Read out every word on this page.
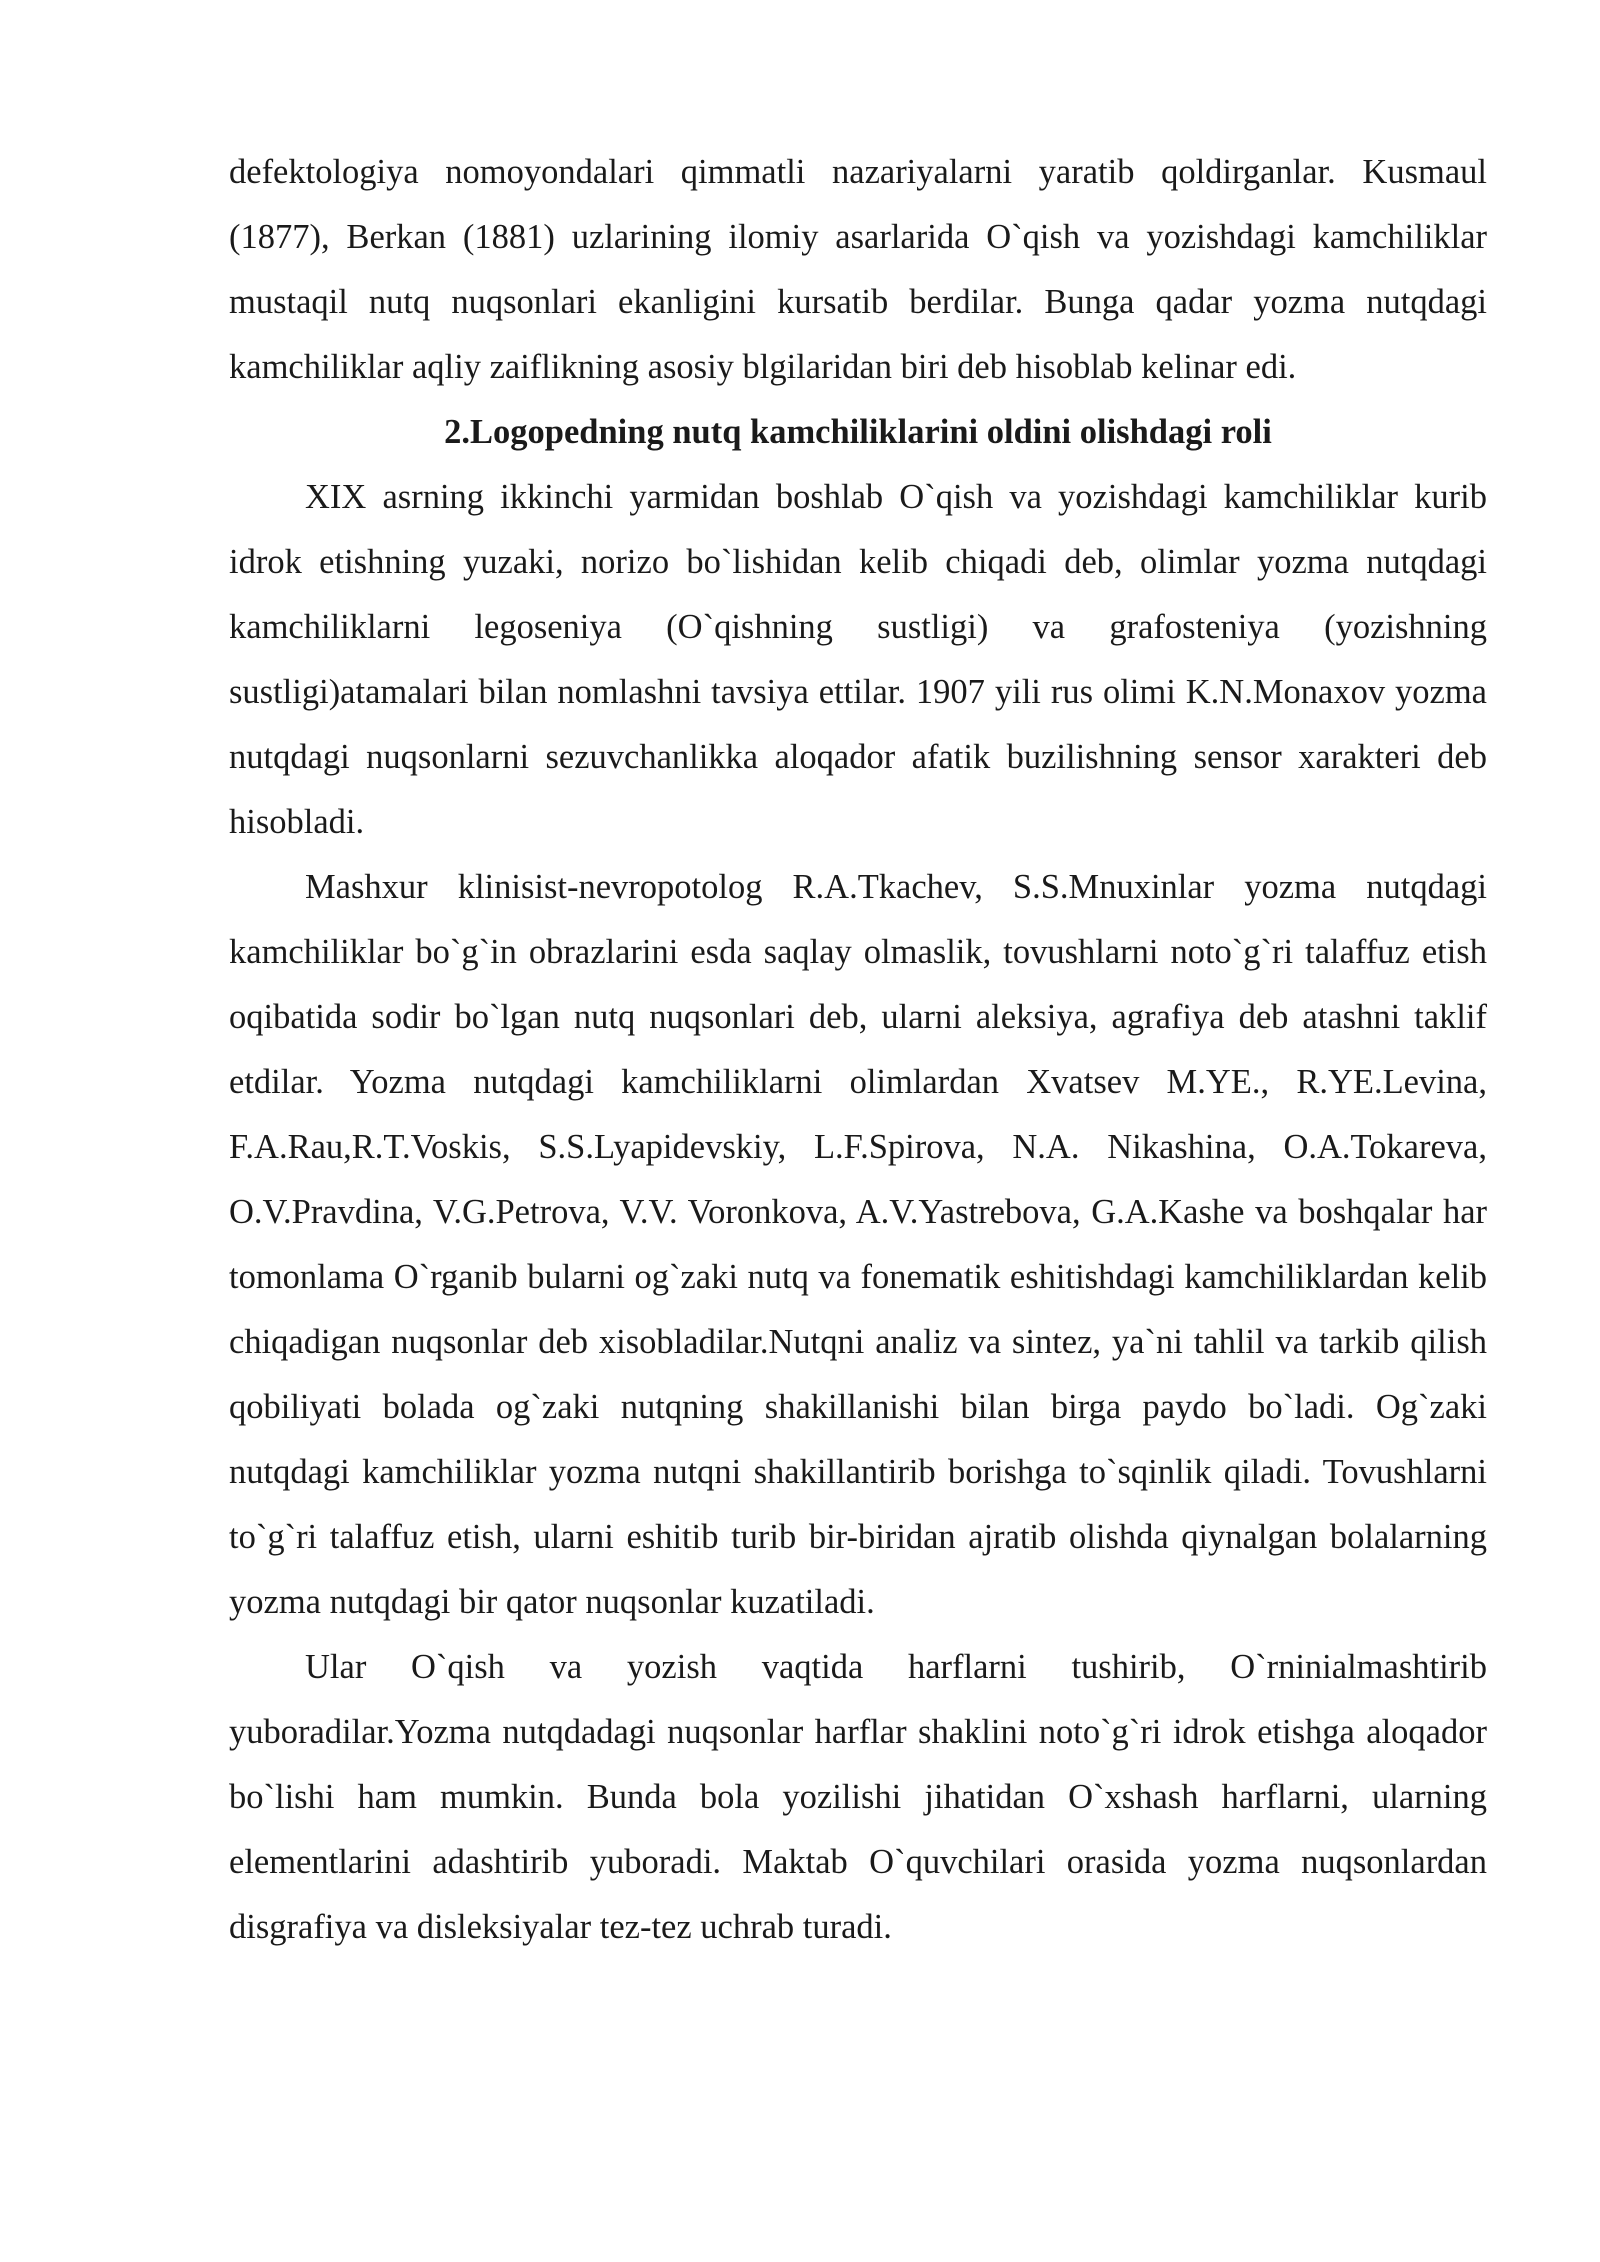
defektologiya nomoyondalari qimmatli nazariyalarni yaratib qoldirganlar. Kusmaul (1877), Berkan (1881) uzlarining ilomiy asarlarida O`qish va yozishdagi kamchiliklar mustaqil nutq nuqsonlari ekanligini kursatib berdilar. Bunga qadar yozma nutqdagi kamchiliklar aqliy zaiflikning asosiy blgilaridan biri deb hisoblab kelinar edi.

2.Logopedning nutq kamchiliklarini oldini olishdagi roli

XIX asrning ikkinchi yarmidan boshlab O`qish va yozishdagi kamchiliklar kurib idrok etishning yuzaki, norizo bo`lishidan kelib chiqadi deb, olimlar yozma nutqdagi kamchiliklarni legoseniya (O`qishning sustligi) va grafosteniya (yozishning sustligi)atamalari bilan nomlashni tavsiya ettilar. 1907 yili rus olimi K.N.Monaxov yozma nutqdagi nuqsonlarni sezuvchanlikka aloqador afatik buzilishning sensor xarakteri deb hisobladi.

Mashxur klinisist-nevropotolog R.A.Tkachev, S.S.Mnuxinlar yozma nutqdagi kamchiliklar bo`g`in obrazlarini esda saqlay olmaslik, tovushlarni noto`g`ri talaffuz etish oqibatida sodir bo`lgan nutq nuqsonlari deb, ularni aleksiya, agrafiya deb atashni taklif etdilar. Yozma nutqdagi kamchiliklarni olimlardan Xvatsev M.YE., R.YE.Levina, F.A.Rau,R.T.Voskis, S.S.Lyapidevskiy, L.F.Spirova, N.A. Nikashina, O.A.Tokareva, O.V.Pravdina, V.G.Petrova, V.V. Voronkova, A.V.Yastrebova, G.A.Kashe va boshqalar har tomonlama O`rganib bularni og`zaki nutq va fonematik eshitishdagi kamchiliklardan kelib chiqadigan nuqsonlar deb xisobladilar.Nutqni analiz va sintez, ya`ni tahlil va tarkib qilish qobiliyati bolada og`zaki nutqning shakillanishi bilan birga paydo bo`ladi. Og`zaki nutqdagi kamchiliklar yozma nutqni shakillantirib borishga to`sqinlik qiladi. Tovushlarni to`g`ri talaffuz etish, ularni eshitib turib bir-biridan ajratib olishda qiynalgan bolalarning yozma nutqdagi bir qator nuqsonlar kuzatiladi.

Ular O`qish va yozish vaqtida harflarni tushirib, O`rninialmashtirib yuboradilar.Yozma nutqdadagi nuqsonlar harflar shaklini noto`g`ri idrok etishga aloqador bo`lishi ham mumkin. Bunda bola yozilishi jihatidan O`xshash harflarni, ularning elementlarini adashtirib yuboradi. Maktab O`quvchilari orasida yozma nuqsonlardan disgrafiya va disleksiyalar tez-tez uchrab turadi.
